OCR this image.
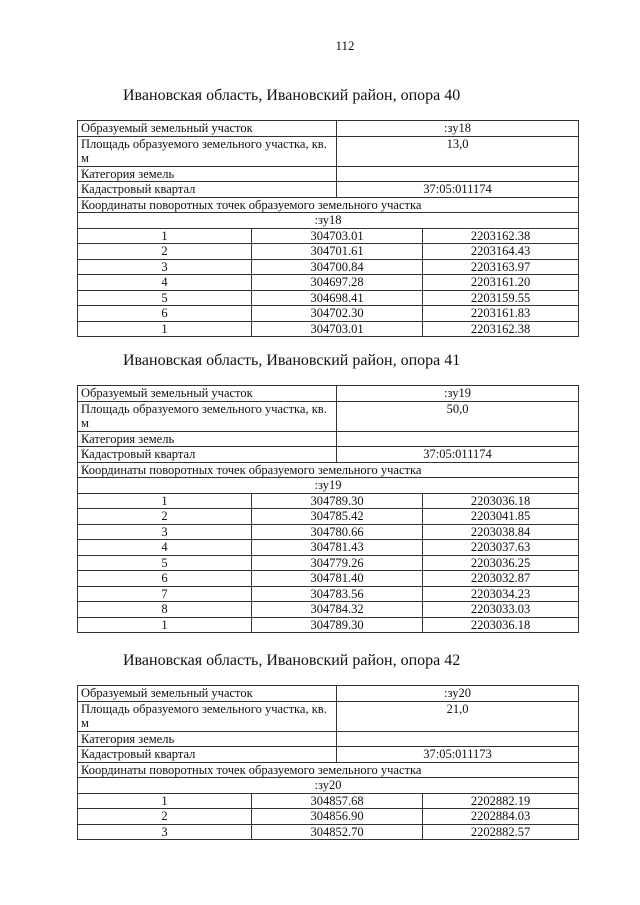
112
Ивановская область, Ивановский район, опора 40
Образуемый земельный участок	:зу18
Площадь образуемого земельного участка, кв. м	13,0
Категория земель	
Кадастровый квартал	37:05:011174
Координаты поворотных точек образуемого земельного участка	
:зу18	
1	304703.01	2203162.38
2	304701.61	2203164.43
3	304700.84	2203163.97
4	304697.28	2203161.20
5	304698.41	2203159.55
6	304702.30	2203161.83
1	304703.01	2203162.38
Ивановская область, Ивановский район, опора 41
Образуемый земельный участок	:зу19
Площадь образуемого земельного участка, кв. м	50,0
Категория земель	
Кадастровый квартал	37:05:011174
Координаты поворотных точек образуемого земельного участка	
:зу19	
1	304789.30	2203036.18
2	304785.42	2203041.85
3	304780.66	2203038.84
4	304781.43	2203037.63
5	304779.26	2203036.25
6	304781.40	2203032.87
7	304783.56	2203034.23
8	304784.32	2203033.03
1	304789.30	2203036.18
Ивановская область, Ивановский район, опора 42
Образуемый земельный участок	:зу20
Площадь образуемого земельного участка, кв. м	21,0
Категория земель	
Кадастровый квартал	37:05:011173
Координаты поворотных точек образуемого земельного участка	
:зу20	
1	304857.68	2202882.19
2	304856.90	2202884.03
3	304852.70	2202882.57
